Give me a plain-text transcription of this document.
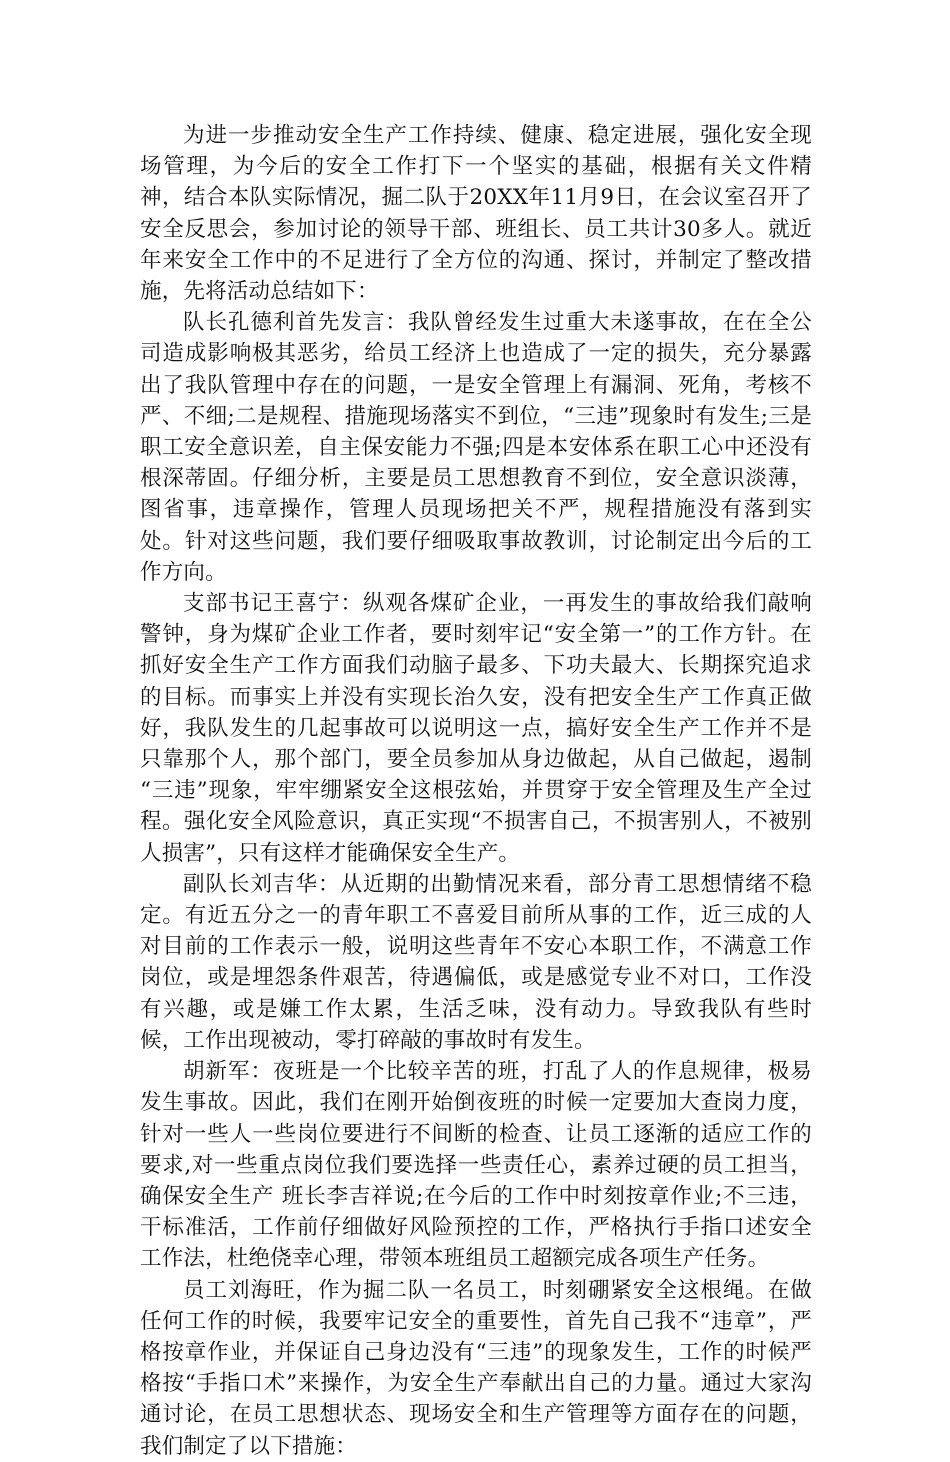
为进一步推动安全生产工作持续、健康、稳定进展，强化安全现场管理，为今后的安全工作打下一个坚实的基础，根据有关文件精神，结合本队实际情况，掘二队于20XX年11月9日，在会议室召开了安全反思会，参加讨论的领导干部、班组长、员工共计30多人。就近年来安全工作中的不足进行了全方位的沟通、探讨，并制定了整改措施，先将活动总结如下：

队长孔德利首先发言：我队曾经发生过重大未遂事故，在在全公司造成影响极其恶劣，给员工经济上也造成了一定的损失，充分暴露出了我队管理中存在的问题，一是安全管理上有漏洞、死角，考核不严、不细;二是规程、措施现场落实不到位，“三违”现象时有发生;三是职工安全意识差，自主保安能力不强;四是本安体系在职工心中还没有根深蒂固。仔细分析，主要是员工思想教育不到位，安全意识淡薄，图省事，违章操作，管理人员现场把关不严，规程措施没有落到实处。针对这些问题，我们要仔细吸取事故教训，讨论制定出今后的工作方向。

支部书记王喜宁：纵观各煤矿企业，一再发生的事故给我们敲响警钟，身为煤矿企业工作者，要时刻牢记“安全第一”的工作方针。在抓好安全生产工作方面我们动脑子最多、下功夫最大、长期探究追求的目标。而事实上并没有实现长治久安，没有把安全生产工作真正做好，我队发生的几起事故可以说明这一点，搞好安全生产工作并不是只靠那个人，那个部门，要全员参加从身边做起，从自己做起，遏制 “三违”现象，牢牢绷紧安全这根弦始，并贯穿于安全管理及生产全过程。强化安全风险意识，真正实现“不损害自己，不损害别人，不被别人损害”，只有这样才能确保安全生产。

副队长刘吉华：从近期的出勤情况来看，部分青工思想情绪不稳定。有近五分之一的青年职工不喜爱目前所从事的工作，近三成的人对目前的工作表示一般，说明这些青年不安心本职工作，不满意工作岗位，或是埋怨条件艰苦，待遇偏低，或是感觉专业不对口，工作没有兴趣，或是嫌工作太累，生活乏味，没有动力。导致我队有些时候，工作出现被动，零打碎敲的事故时有发生。

胡新军：夜班是一个比较辛苦的班，打乱了人的作息规律，极易发生事故。因此，我们在刚开始倒夜班的时候一定要加大查岗力度，针对一些人一些岗位要进行不间断的检查、让员工逐渐的适应工作的要求,对一些重点岗位我们要选择一些责任心，素养过硬的员工担当，确保安全生产 班长李吉祥说;在今后的工作中时刻按章作业;不三违，干标准活，工作前仔细做好风险预控的工作，严格执行手指口述安全工作法，杜绝侥幸心理，带领本班组员工超额完成各项生产任务。

员工刘海旺，作为掘二队一名员工，时刻硼紧安全这根绳。在做任何工作的时候，我要牢记安全的重要性，首先自己我不“违章”，严格按章作业，并保证自己身边没有“三违”的现象发生，工作的时候严格按“手指口术”来操作，为安全生产奉献出自己的力量。通过大家沟通讨论，在员工思想状态、现场安全和生产管理等方面存在的问题，我们制定了以下措施：
